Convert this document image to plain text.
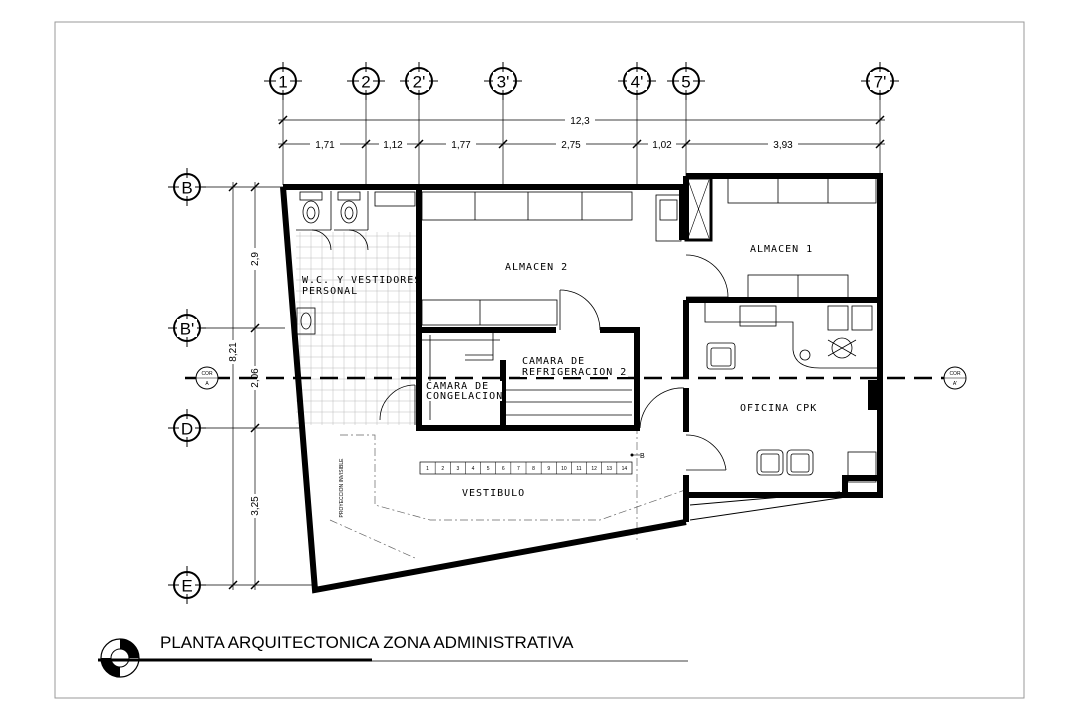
1	2 2'	3'	4' 5	7'
B
B'
D
E
12,3
1,71	1,12	1,77	2,75	1,02	3,93
8,21
2,9
2,06
3,25
1 2 3 4 5 6 7 8 9 10 11 12 13 14
B
COR
A
COR
A'
W.C. Y VESTIDORES
PERSONAL
ALMACEN 2
ALMACEN 1
CAMARA DE
REFRIGERACION 2
CAMARA DE
CONGELACION
OFICINA CPK
VESTIBULO
PROYECCION INVISIBLE
PLANTA ARQUITECTONICA ZONA ADMINISTRATIVA
